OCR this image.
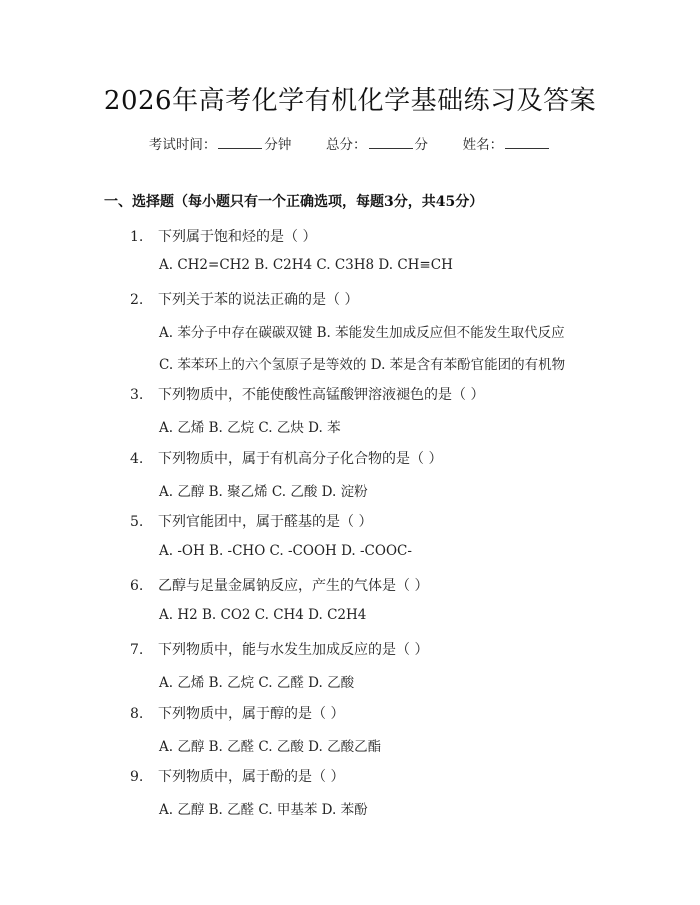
2026年高考化学有机化学基础练习及答案
考试时间：	分钟	总分：	分	姓名：
一、选择题（每小题只有一个正确选项，每题3分，共45分）
1. 下列属于饱和烃的是（ ）
A. CH2=CH2 B. C2H4 C. C3H8 D. CH≡CH
2. 下列关于苯的说法正确的是（ ）
A. 苯分子中存在碳碳双键 B. 苯能发生加成反应但不能发生取代反应
C. 苯苯环上的六个氢原子是等效的 D. 苯是含有苯酚官能团的有机物
3. 下列物质中，不能使酸性高锰酸钾溶液褪色的是（ ）
A. 乙烯 B. 乙烷 C. 乙炔 D. 苯
4. 下列物质中，属于有机高分子化合物的是（ ）
A. 乙醇 B. 聚乙烯 C. 乙酸 D. 淀粉
5. 下列官能团中，属于醛基的是（ ）
A. -OH B. -CHO C. -COOH D. -COOC-
6. 乙醇与足量金属钠反应，产生的气体是（ ）
A. H2 B. CO2 C. CH4 D. C2H4
7. 下列物质中，能与水发生加成反应的是（ ）
A. 乙烯 B. 乙烷 C. 乙醛 D. 乙酸
8. 下列物质中，属于醇的是（ ）
A. 乙醇 B. 乙醛 C. 乙酸 D. 乙酸乙酯
9. 下列物质中，属于酚的是（ ）
A. 乙醇 B. 乙醛 C. 甲基苯 D. 苯酚
